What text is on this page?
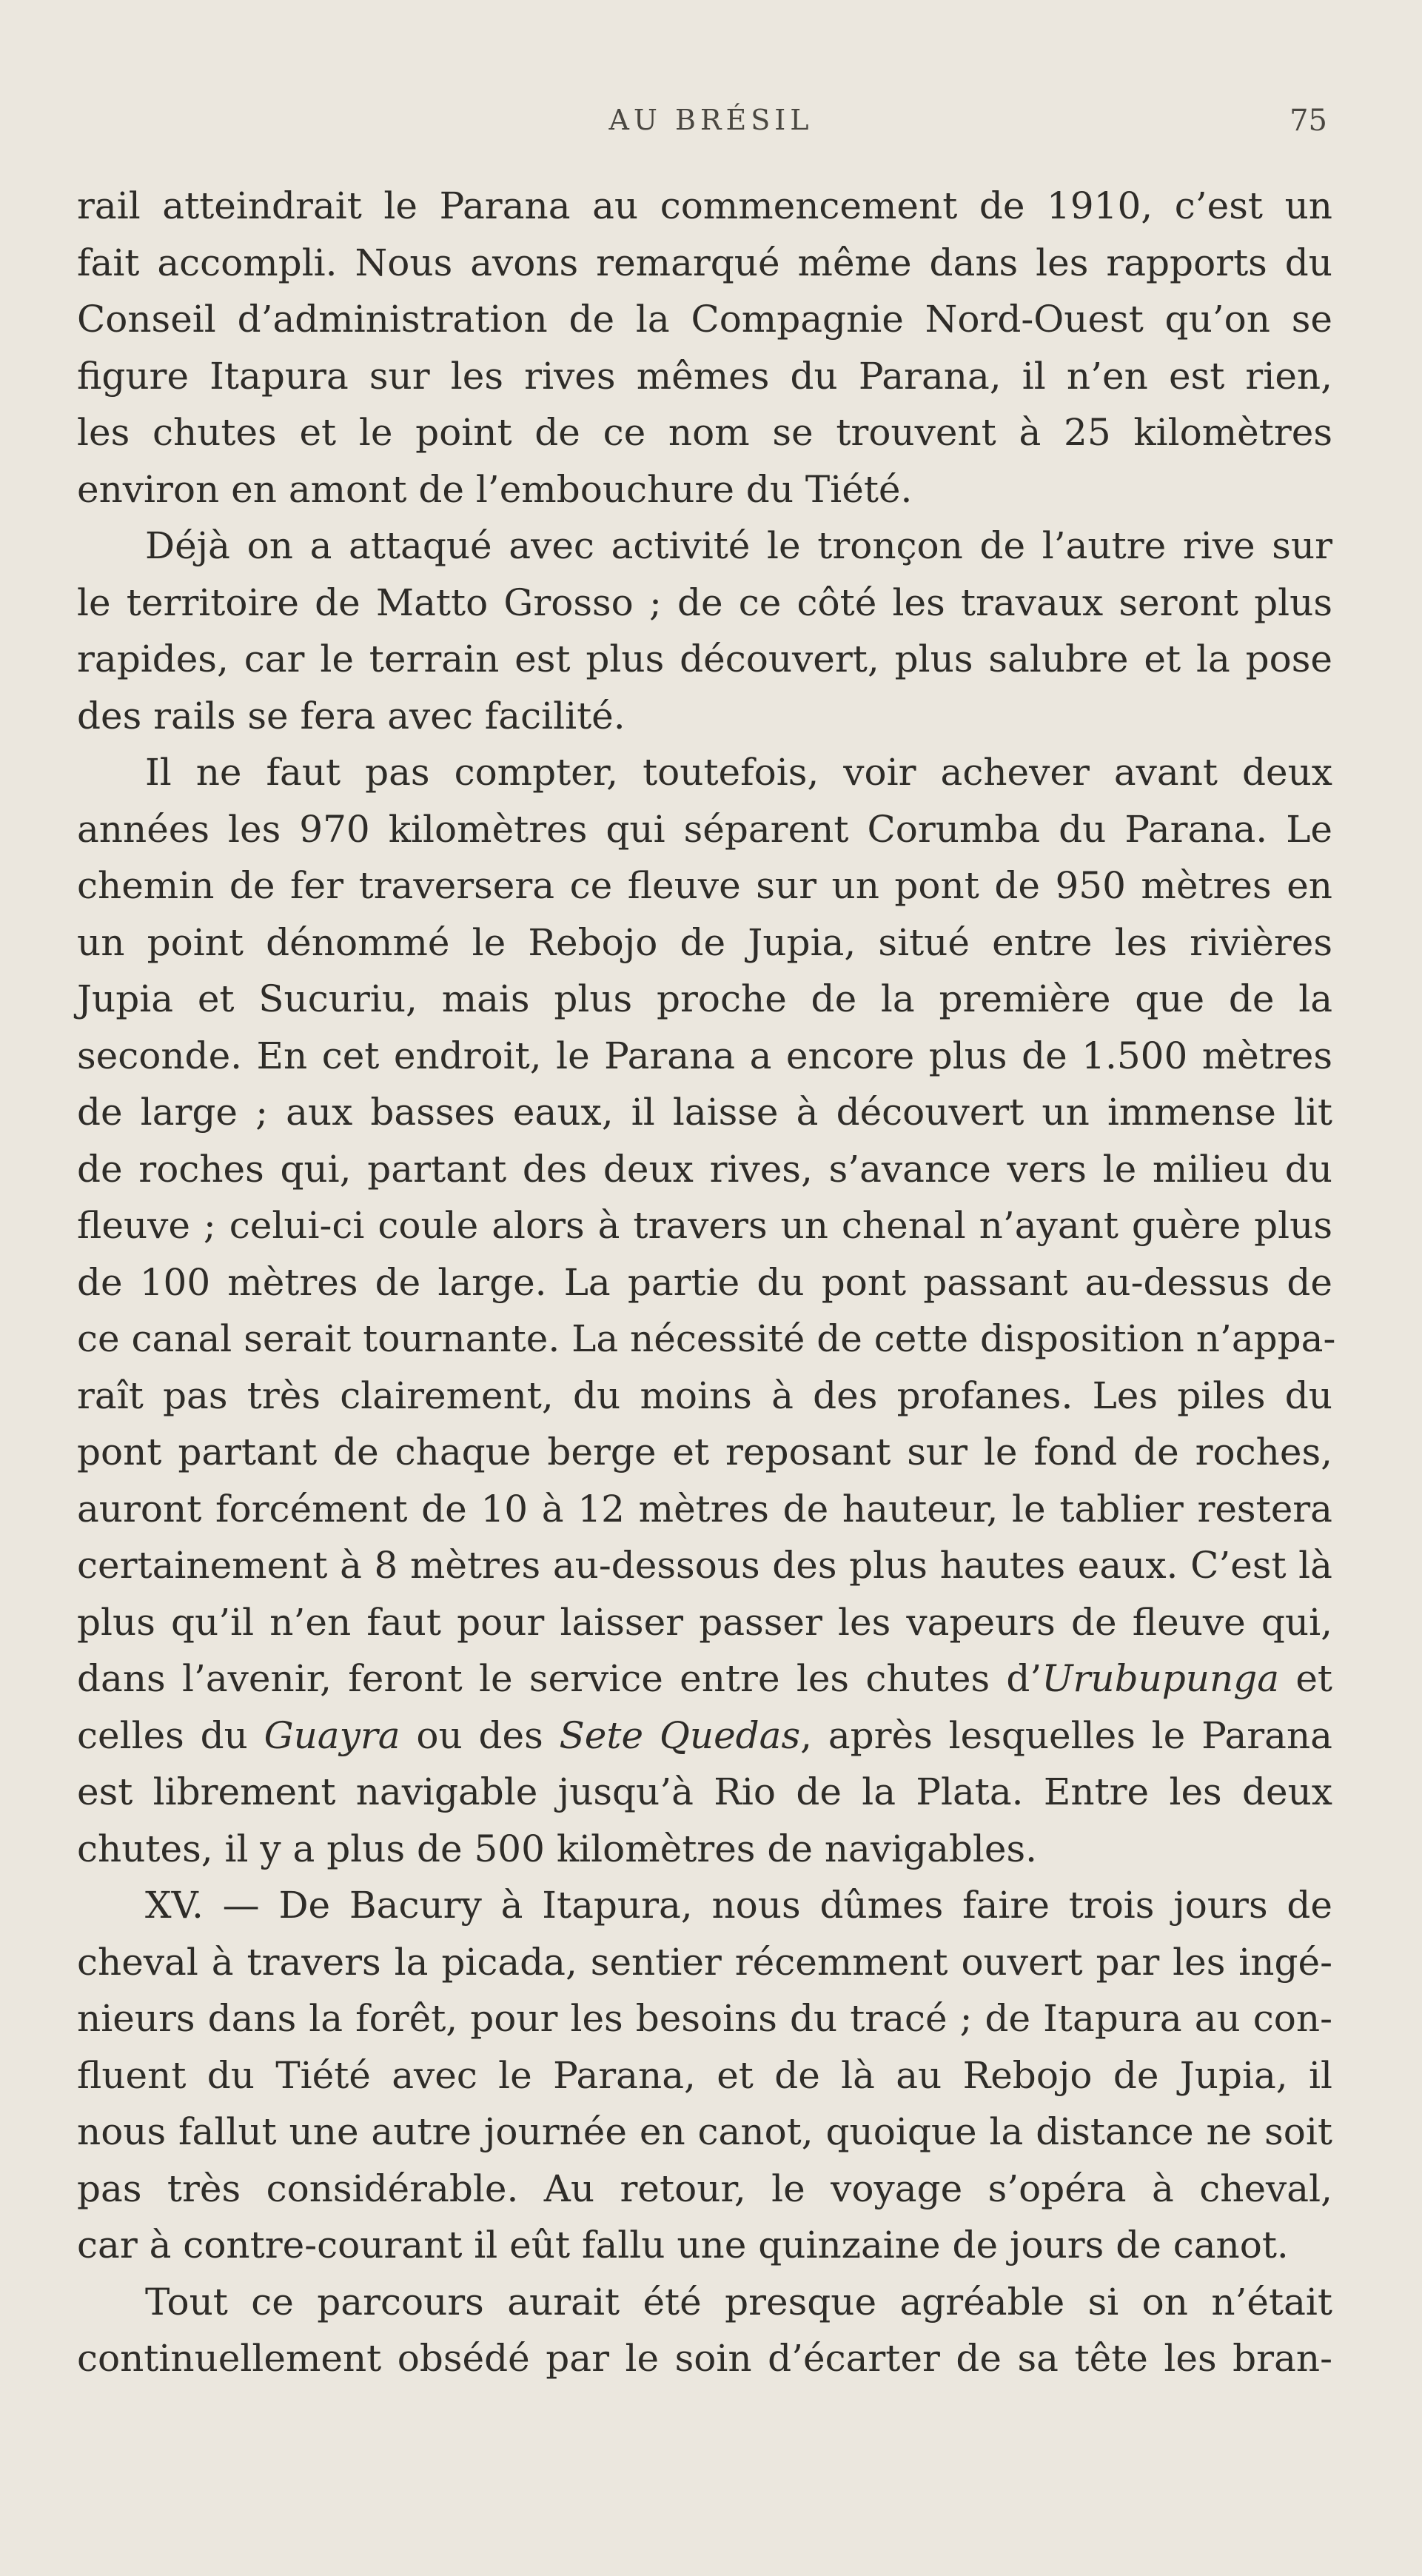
AU BRÉSIL	75
rail atteindrait le Parana au commencement de 1910, c’est un
fait accompli. Nous avons remarqué même dans les rapports du
Conseil d’administration de la Compagnie Nord-Ouest qu’on se
figure Itapura sur les rives mêmes du Parana, il n’en est rien,
les chutes et le point de ce nom se trouvent à 25 kilomètres
environ en amont de l’embouchure du Tiété.
Déjà on a attaqué avec activité le tronçon de l’autre rive sur
le territoire de Matto Grosso ; de ce côté les travaux seront plus
rapides, car le terrain est plus découvert, plus salubre et la pose
des rails se fera avec facilité.
Il ne faut pas compter, toutefois, voir achever avant deux
années les 970 kilomètres qui séparent Corumba du Parana. Le
chemin de fer traversera ce fleuve sur un pont de 950 mètres en
un point dénommé le Rebojo de Jupia, situé entre les rivières
Jupia et Sucuriu, mais plus proche de la première que de la
seconde. En cet endroit, le Parana a encore plus de 1.500 mètres
de large ; aux basses eaux, il laisse à découvert un immense lit
de roches qui, partant des deux rives, s’avance vers le milieu du
fleuve ; celui-ci coule alors à travers un chenal n’ayant guère plus
de 100 mètres de large. La partie du pont passant au-dessus de
ce canal serait tournante. La nécessité de cette disposition n’appa-
raît pas très clairement, du moins à des profanes. Les piles du
pont partant de chaque berge et reposant sur le fond de roches,
auront forcément de 10 à 12 mètres de hauteur, le tablier restera
certainement à 8 mètres au-dessous des plus hautes eaux. C’est là
plus qu’il n’en faut pour laisser passer les vapeurs de fleuve qui,
dans l’avenir, feront le service entre les chutes d’Urubupunga et
celles du Guayra ou des Sete Quedas, après lesquelles le Parana
est librement navigable jusqu’à Rio de la Plata. Entre les deux
chutes, il y a plus de 500 kilomètres de navigables.
XV. — De Bacury à Itapura, nous dûmes faire trois jours de
cheval à travers la picada, sentier récemment ouvert par les ingé-
nieurs dans la forêt, pour les besoins du tracé ; de Itapura au con-
fluent du Tiété avec le Parana, et de là au Rebojo de Jupia, il
nous fallut une autre journée en canot, quoique la distance ne soit
pas très considérable. Au retour, le voyage s’opéra à cheval,
car à contre-courant il eût fallu une quinzaine de jours de canot.
Tout ce parcours aurait été presque agréable si on n’était
continuellement obsédé par le soin d’écarter de sa tête les bran-
